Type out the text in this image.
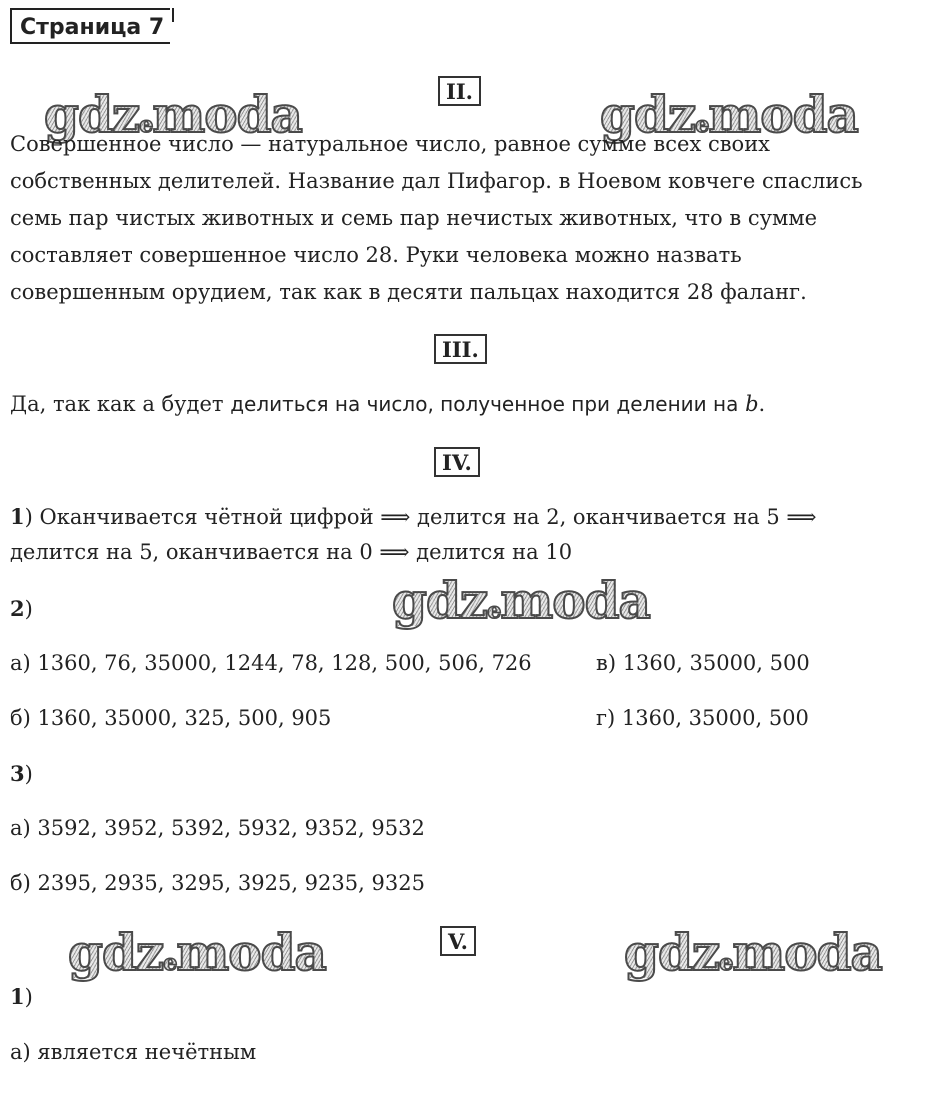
Страница 7
gdzemoda	gdzemoda
gdzemoda
gdzemoda	gdzemoda
II.
Совершенное число — натуральное число, равное сумме всех своих
собственных делителей. Название дал Пифагор. в Ноевом ковчеге спаслись
семь пар чистых животных и семь пар нечистых животных, что в сумме
составляет совершенное число 28. Руки человека можно назвать
совершенным орудием, так как в десяти пальцах находится 28 фаланг.
III.
Да, так как а будет делиться на число, полученное при делении на b.
IV.
1) Оканчивается чётной цифрой ⟹ делится на 2, оканчивается на 5 ⟹
делится на 5, оканчивается на 0 ⟹ делится на 10
2)
а) 1360, 76, 35000, 1244, 78, 128, 500, 506, 726	в) 1360, 35000, 500
б) 1360, 35000, 325, 500, 905	г) 1360, 35000, 500
3)
а) 3592, 3952, 5392, 5932, 9352, 9532
б) 2395, 2935, 3295, 3925, 9235, 9325
V.
1)
а) является нечётным
